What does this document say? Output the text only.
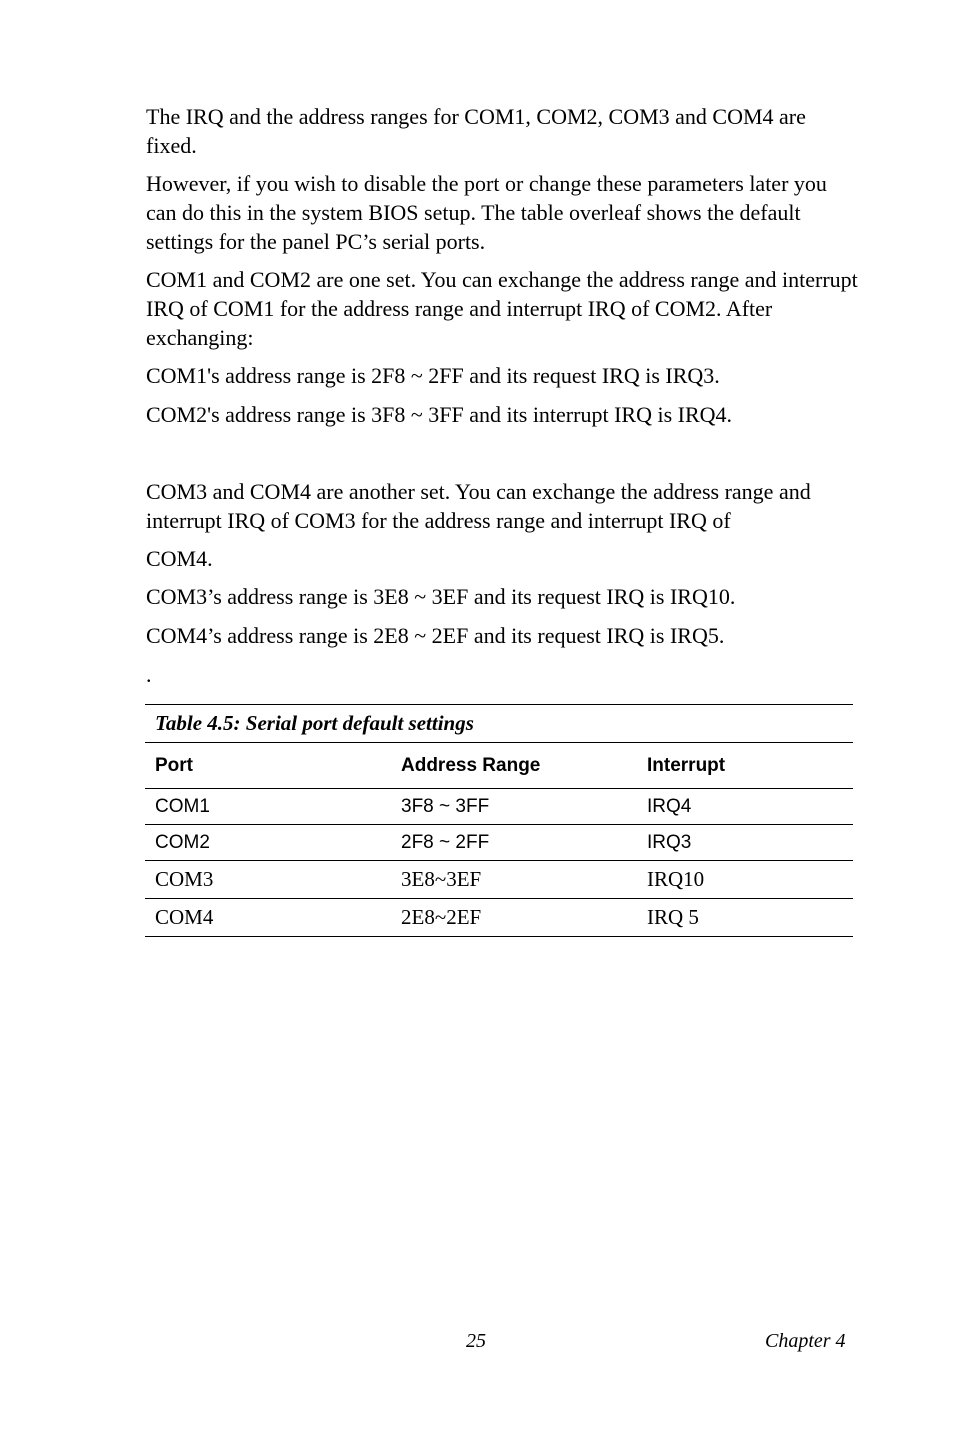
The IRQ and the address ranges for COM1, COM2, COM3 and COM4 are fixed.

However, if you wish to disable the port or change these parameters later you can do this in the system BIOS setup. The table overleaf shows the default settings for the panel PC’s serial ports.

COM1 and COM2 are one set. You can exchange the address range and interrupt IRQ of COM1 for the address range and interrupt IRQ of COM2. After exchanging:

COM1's address range is 2F8 ~ 2FF and its request IRQ is IRQ3.

COM2's address range is 3F8 ~ 3FF and its interrupt IRQ is IRQ4.

COM3 and COM4 are another set. You can exchange the address range and interrupt IRQ of COM3 for the address range and interrupt IRQ of

COM4.

COM3’s address range is 3E8 ~ 3EF and its request IRQ is IRQ10.

COM4’s address range is 2E8 ~ 2EF and its request IRQ is IRQ5.

.

Table 4.5: Serial port default settings		
Port	Address Range	Interrupt
COM1	3F8 ~ 3FF	IRQ4
COM2	2F8 ~ 2FF	IRQ3
COM3	3E8~3EF	IRQ10
COM4	2E8~2EF	IRQ 5
25	Chapter 4
